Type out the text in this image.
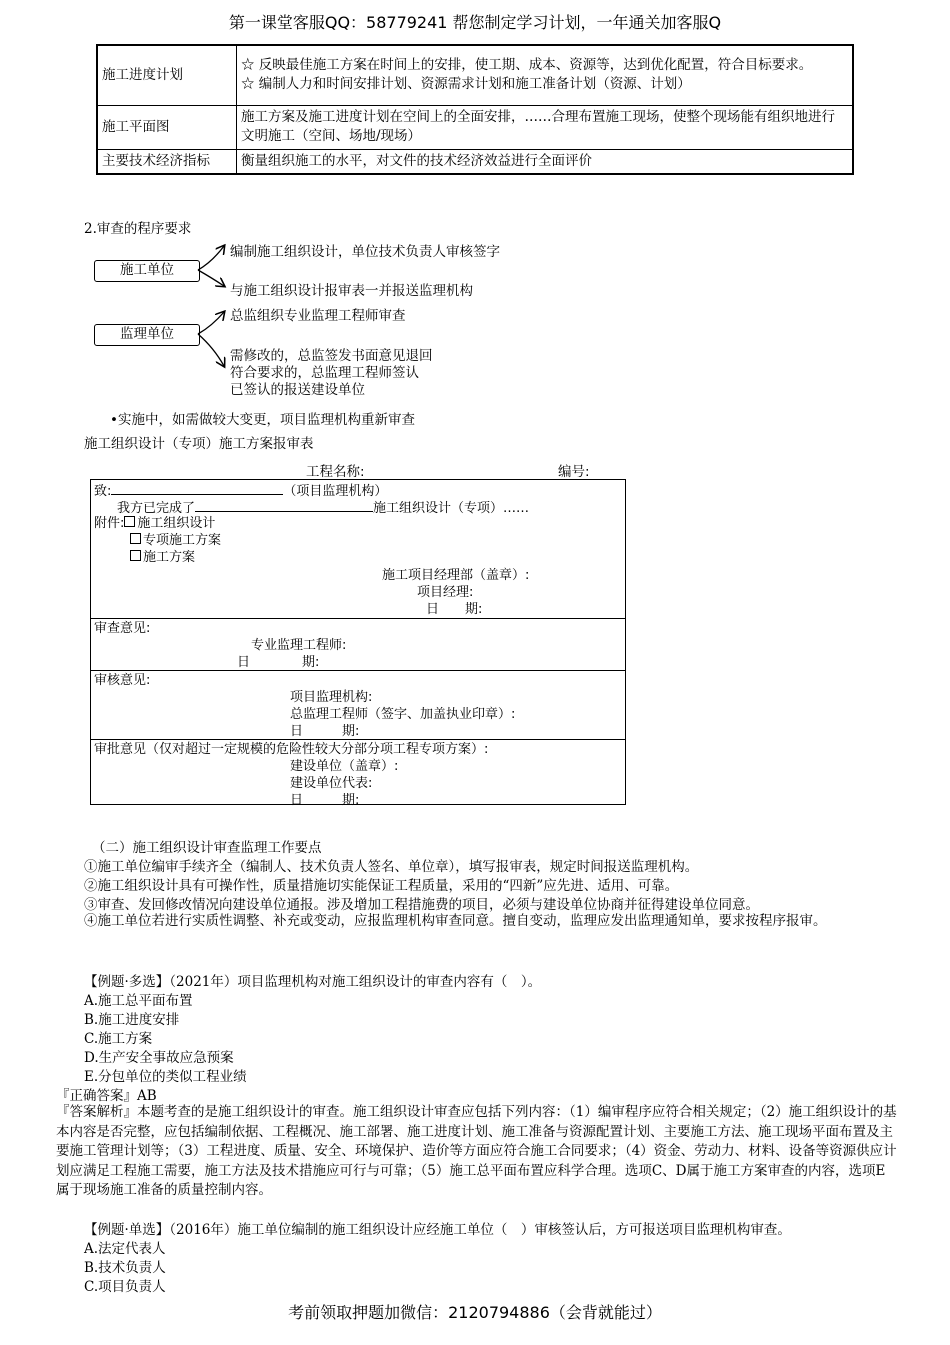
第一课堂客服QQ：58779241 帮您制定学习计划，一年通关加客服Q
施工进度计划	☆ 反映最佳施工方案在时间上的安排，使工期、成本、资源等，达到优化配置，符合目标要求。
☆ 编制人力和时间安排计划、资源需求计划和施工准备计划（资源、计划）

施工平面图	施工方案及施工进度计划在空间上的全面安排，……合理布置施工现场，使整个现场能有组织地进行文明施工（空间、场地/现场）

主要技术经济指标	衡量组织施工的水平，对文件的技术经济效益进行全面评价
2.审查的程序要求
施工单位
编制施工组织设计，单位技术负责人审核签字
与施工组织设计报审表一并报送监理机构
监理单位
总监组织专业监理工程师审查
需修改的，总监签发书面意见退回
符合要求的，总监理工程师签认
已签认的报送建设单位
•实施中，如需做较大变更，项目监理机构重新审查
施工组织设计（专项）施工方案报审表
工程名称:	编号:
致:	（项目监理机构）
我方已完成了	施工组织设计（专项）……
附件: 施工组织设计
专项施工方案
施工方案
施工项目经理部（盖章）:
项目经理:
日　　期:
审查意见:
专业监理工程师:
日　　　　期:
审核意见:
项目监理机构:
总监理工程师（签字、加盖执业印章）:
日　　　期:
审批意见（仅对超过一定规模的危险性较大分部分项工程专项方案）:
建设单位（盖章）:
建设单位代表:
日　　　期:
（二）施工组织设计审查监理工作要点
①施工单位编审手续齐全（编制人、技术负责人签名、单位章），填写报审表，规定时间报送监理机构。
②施工组织设计具有可操作性，质量措施切实能保证工程质量，采用的“四新”应先进、适用、可靠。
③审查、发回修改情况向建设单位通报。涉及增加工程措施费的项目，必须与建设单位协商并征得建设单位同意。
④施工单位若进行实质性调整、补充或变动，应报监理机构审查同意。擅自变动，监理应发出监理通知单，要求按程序报审。
【例题·多选】（2021年）项目监理机构对施工组织设计的审查内容有（　）。
A.施工总平面布置
B.施工进度安排
C.施工方案
D.生产安全事故应急预案
E.分包单位的类似工程业绩
『正确答案』AB
『答案解析』本题考查的是施工组织设计的审查。施工组织设计审查应包括下列内容：（1）编审程序应符合相关规定；（2）施工组织设计的基本内容是否完整，应包括编制依据、工程概况、施工部署、施工进度计划、施工准备与资源配置计划、主要施工方法、施工现场平面布置及主要施工管理计划等；（3）工程进度、质量、安全、环境保护、造价等方面应符合施工合同要求；（4）资金、劳动力、材料、设备等资源供应计划应满足工程施工需要，施工方法及技术措施应可行与可靠；（5）施工总平面布置应科学合理。选项C、D属于施工方案审查的内容，选项E属于现场施工准备的质量控制内容。
【例题·单选】（2016年）施工单位编制的施工组织设计应经施工单位（　）审核签认后，方可报送项目监理机构审查。
A.法定代表人
B.技术负责人
C.项目负责人
考前领取押题加微信：2120794886（会背就能过）
